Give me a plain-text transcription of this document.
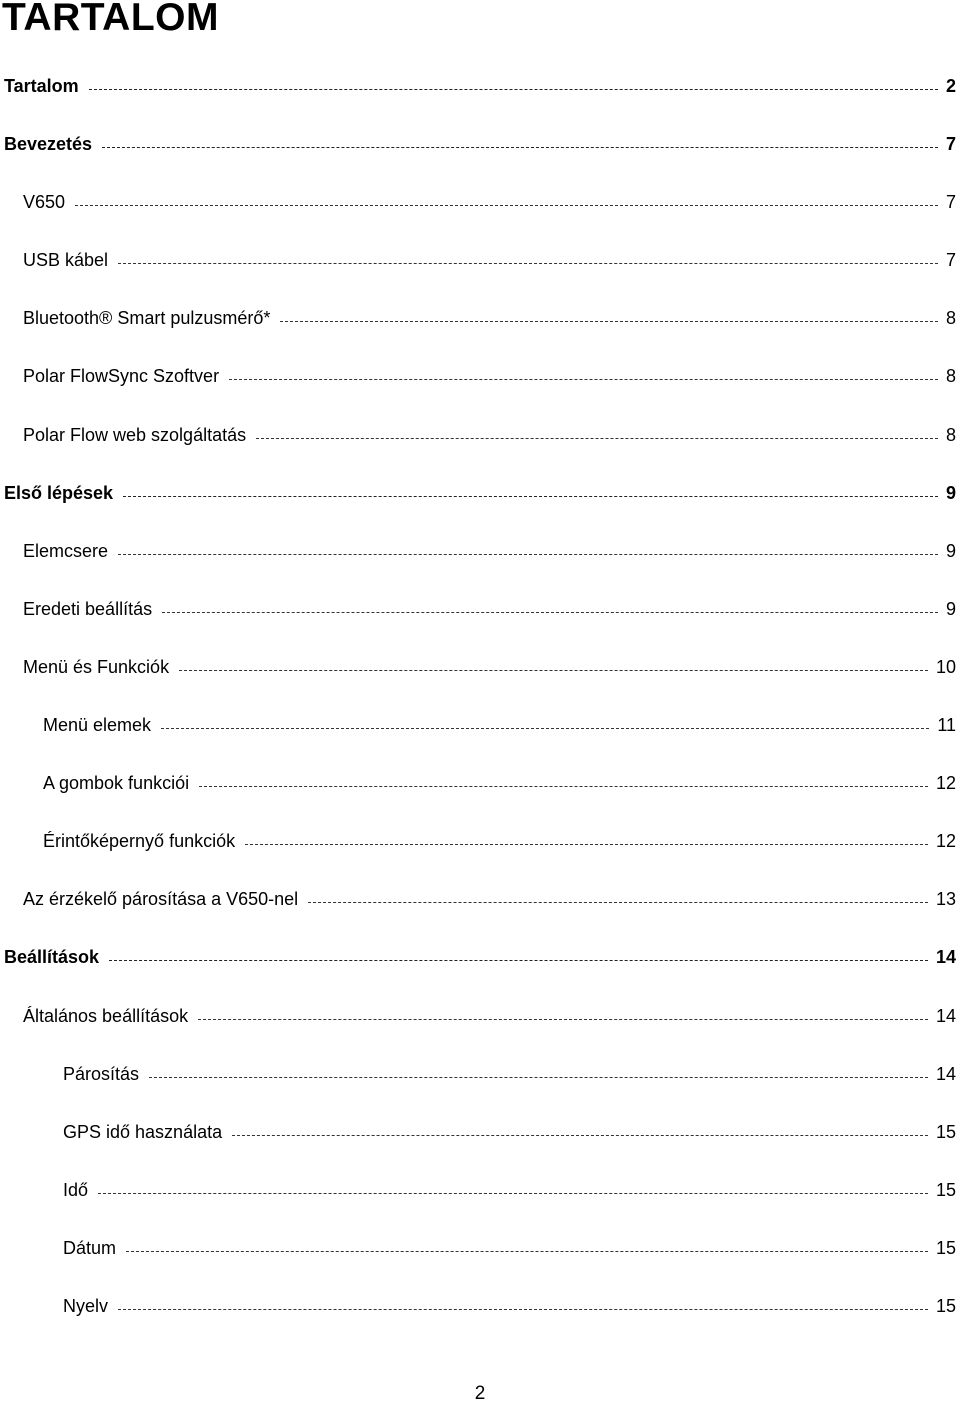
TARTALOM
Tartalom	2
Bevezetés	7
V650	7
USB kábel	7
Bluetooth® Smart pulzusmérő*	8
Polar FlowSync Szoftver	8
Polar Flow web szolgáltatás	8
Első lépések	9
Elemcsere	9
Eredeti beállítás	9
Menü és Funkciók	10
Menü elemek	11
A gombok funkciói	12
Érintőképernyő funkciók	12
Az érzékelő párosítása a V650-nel	13
Beállítások	14
Általános beállítások	14
Párosítás	14
GPS idő használata	15
Idő	15
Dátum	15
Nyelv	15
2
